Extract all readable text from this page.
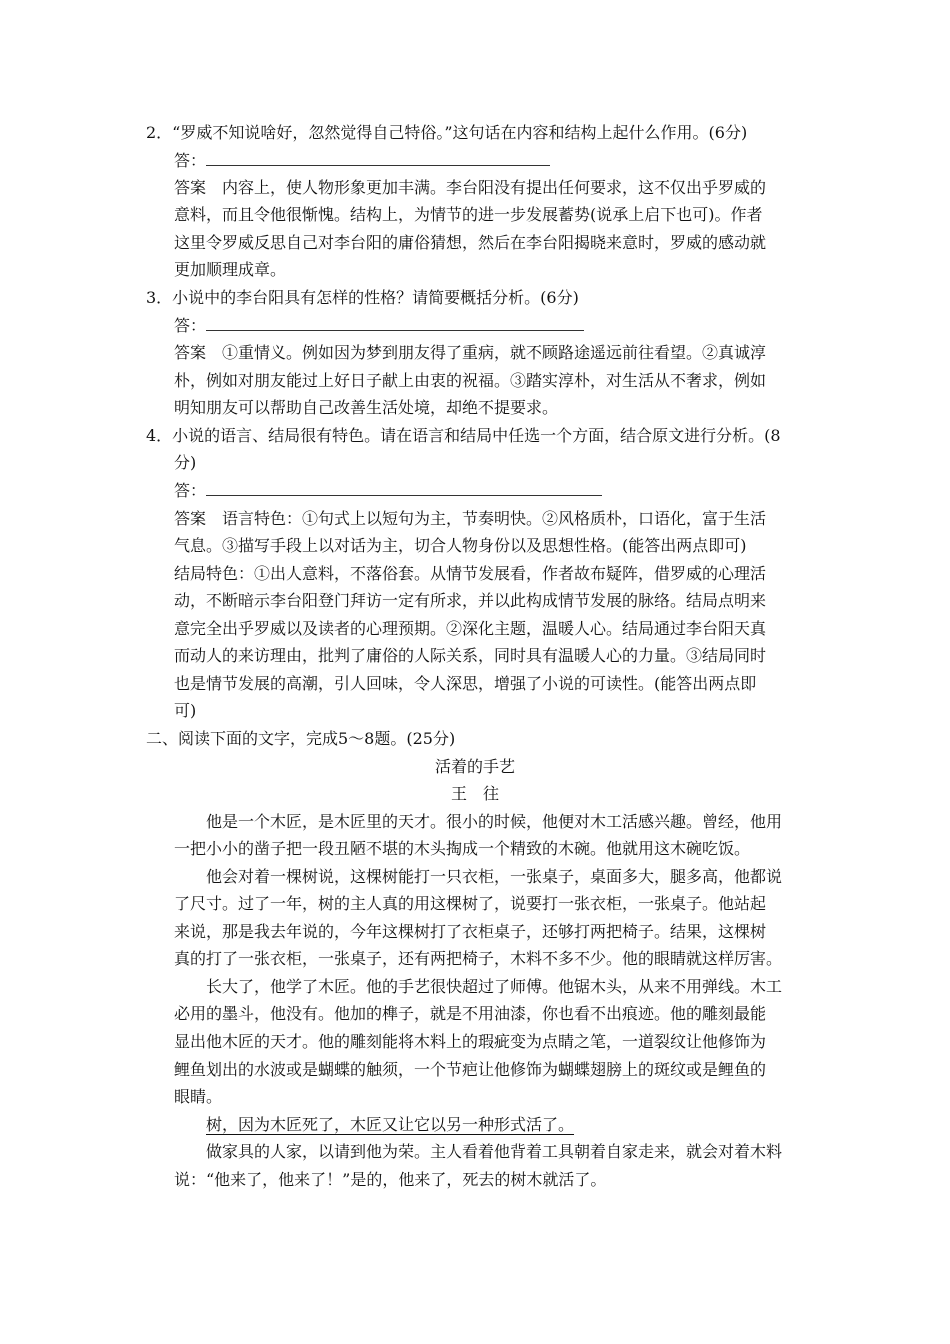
2．“罗威不知说啥好，忽然觉得自己特俗。”这句话在内容和结构上起什么作用。(6分)
答：
答案　内容上，使人物形象更加丰满。李台阳没有提出任何要求，这不仅出乎罗威的
意料，而且令他很惭愧。结构上，为情节的进一步发展蓄势(说承上启下也可)。作者
这里令罗威反思自己对李台阳的庸俗猜想，然后在李台阳揭晓来意时，罗威的感动就
更加顺理成章。
3．小说中的李台阳具有怎样的性格？请简要概括分析。(6分)
答：
答案　①重情义。例如因为梦到朋友得了重病，就不顾路途遥远前往看望。②真诚淳
朴，例如对朋友能过上好日子献上由衷的祝福。③踏实淳朴，对生活从不奢求，例如
明知朋友可以帮助自己改善生活处境，却绝不提要求。
4．小说的语言、结局很有特色。请在语言和结局中任选一个方面，结合原文进行分析。(8
分)
答：
答案　语言特色：①句式上以短句为主，节奏明快。②风格质朴，口语化，富于生活
气息。③描写手段上以对话为主，切合人物身份以及思想性格。(能答出两点即可)
结局特色：①出人意料，不落俗套。从情节发展看，作者故布疑阵，借罗威的心理活
动，不断暗示李台阳登门拜访一定有所求，并以此构成情节发展的脉络。结局点明来
意完全出乎罗威以及读者的心理预期。②深化主题，温暖人心。结局通过李台阳天真
而动人的来访理由，批判了庸俗的人际关系，同时具有温暖人心的力量。③结局同时
也是情节发展的高潮，引人回味，令人深思，增强了小说的可读性。(能答出两点即
可)
二、阅读下面的文字，完成5～8题。(25分)
活着的手艺
王　往
　　他是一个木匠，是木匠里的天才。很小的时候，他便对木工活感兴趣。曾经，他用
一把小小的凿子把一段丑陋不堪的木头掏成一个精致的木碗。他就用这木碗吃饭。
　　他会对着一棵树说，这棵树能打一只衣柜，一张桌子，桌面多大，腿多高，他都说
了尺寸。过了一年，树的主人真的用这棵树了，说要打一张衣柜，一张桌子。他站起
来说，那是我去年说的，今年这棵树打了衣柜桌子，还够打两把椅子。结果，这棵树
真的打了一张衣柜，一张桌子，还有两把椅子，木料不多不少。他的眼睛就这样厉害。
　　长大了，他学了木匠。他的手艺很快超过了师傅。他锯木头，从来不用弹线。木工
必用的墨斗，他没有。他加的榫子，就是不用油漆，你也看不出痕迹。他的雕刻最能
显出他木匠的天才。他的雕刻能将木料上的瑕疵变为点睛之笔，一道裂纹让他修饰为
鲤鱼划出的水波或是蝴蝶的触须，一个节疤让他修饰为蝴蝶翅膀上的斑纹或是鲤鱼的
眼睛。
树，因为木匠死了，木匠又让它以另一种形式活了。
　　做家具的人家，以请到他为荣。主人看着他背着工具朝着自家走来，就会对着木料
说：“他来了，他来了！”是的，他来了，死去的树木就活了。
